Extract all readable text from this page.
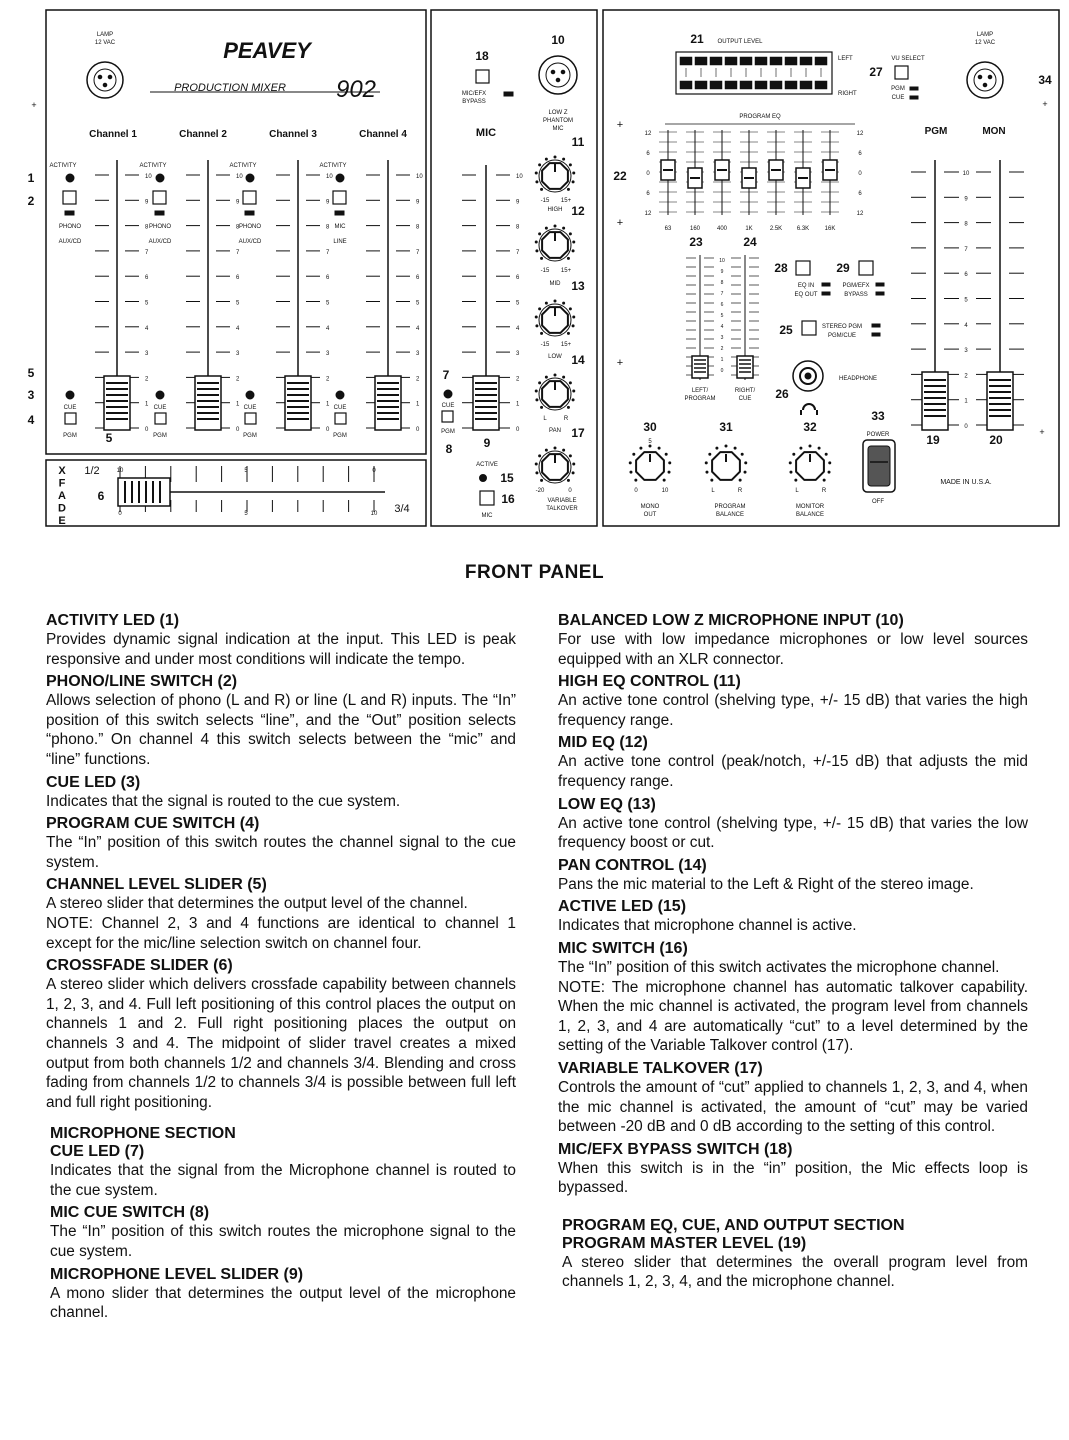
+
1
2
5
3
4
LAMP
12 VAC	PEAVEY
PRODUCTION MIXER 902
Channel 1
ACTIVITY
PHONO
AUX/CD
CUE
PGM
10
9
8
7
6
5
4
3
2
1
0
Channel 2
ACTIVITY
PHONO
AUX/CD
CUE
PGM
10
9
8
7
6
5
4
3
2
1
0
Channel 3
ACTIVITY
PHONO
AUX/CD
CUE
PGM
10
9
8
7
6
5
4
3
2
1
0
Channel 4
ACTIVITY
MIC
LINE
CUE
PGM
10
9
8
7
6
5
4
3
2
1
0
5
X
F
A
D
E
1/2
3/4
6
10	5	0
0	5	10
18
MIC/EFX
BYPASS
MIC
10
LOW Z
PHANTOM
MIC
10
9
8
7
6
5
4
3
2
1
0
7
CUE
PGM
8	9
11
12
13
14
17
-15 15+
HIGH
-15 15+
MID
-15 15+
LOW
L	R
PAN
-20	0
VARIABLE
TALKOVER
ACTIVE
15
16
MIC
21 OUTPUT LEVEL
LEFT
RIGHT
27
VU SELECT
PGM
CUE
LAMP
12 VAC
34
+
+
+
+
+
22
PROGRAM EQ
12	12
6	6
0	0
6	6
12	12
63	160	400	1K	2.5K 6.3K	16K
23	24
10
9
8
7
6
5
4
3
2
1
0
LEFT/
PROGRAM
RIGHT/
CUE
28
EQ IN
EQ OUT
29
PGM/EFX
BYPASS
25	STEREO PGM
PGM/CUE
HEADPHONE
26
PGM	MON
10
9
8
7
6
5
4
3
2
1
0
19	20
30	31	32
33
5
0	10	L	R	L	R
MONO
OUT
PROGRAM
BALANCE
MONITOR
BALANCE
POWER
OFF
MADE IN U.S.A.
FRONT PANEL
ACTIVITY LED (1)

Provides dynamic signal indication at the input. This LED is peak responsive and under most conditions will indicate the tempo.

PHONO/LINE SWITCH (2)

Allows selection of phono (L and R) or line (L and R) inputs. The “In” position of this switch selects “line”, and the “Out” position selects “phono.” On channel 4 this switch selects between the “mic” and “line” functions.

CUE LED (3)

Indicates that the signal is routed to the cue system.

PROGRAM CUE SWITCH (4)

The “In” position of this switch routes the channel signal to the cue system.

CHANNEL LEVEL SLIDER (5)

A stereo slider that determines the output level of the channel.

NOTE: Channel 2, 3 and 4 functions are identical to channel 1 except for the mic/line selection switch on channel four.

CROSSFADE SLIDER (6)

A stereo slider which delivers crossfade capability between channels 1, 2, 3, and 4. Full left positioning of this control places the output on channels 1 and 2. Full right positioning places the output on channels 3 and 4. The midpoint of slider travel creates a mixed output from both channels 1/2 and channels 3/4. Blending and cross fading from channels 1/2 to channels 3/4 is possible between full left and full right positioning.

MICROPHONE SECTION
CUE LED (7)

Indicates that the signal from the Microphone channel is routed to the cue system.

MIC CUE SWITCH (8)

The “In” position of this switch routes the microphone signal to the cue system.

MICROPHONE LEVEL SLIDER (9)

A mono slider that determines the output level of the microphone channel.

BALANCED LOW Z MICROPHONE INPUT (10)

For use with low impedance microphones or low level sources equipped with an XLR connector.

HIGH EQ CONTROL (11)

An active tone control (shelving type, +/- 15 dB) that varies the high frequency range.

MID EQ (12)

An active tone control (peak/notch, +/-15 dB) that adjusts the mid frequency range.

LOW EQ (13)

An active tone control (shelving type, +/- 15 dB) that varies the low frequency boost or cut.

PAN CONTROL (14)

Pans the mic material to the Left & Right of the stereo image.

ACTIVE LED (15)

Indicates that microphone channel is active.

MIC SWITCH (16)

The “In” position of this switch activates the microphone channel.

NOTE: The microphone channel has automatic talkover capability. When the mic channel is activated, the program level from channels 1, 2, 3, and 4 are automatically “cut” to a level determined by the setting of the Variable Talkover control (17).

VARIABLE TALKOVER (17)

Controls the amount of “cut” applied to channels 1, 2, 3, and 4, when the mic channel is activated, the amount of “cut” may be varied between -20 dB and 0 dB according to the setting of this control.

MIC/EFX BYPASS SWITCH (18)

When this switch is in the “in” position, the Mic effects loop is bypassed.

PROGRAM EQ, CUE, AND OUTPUT SECTION
PROGRAM MASTER LEVEL (19)

A stereo slider that determines the overall program level from channels 1, 2, 3, 4, and the microphone channel.
